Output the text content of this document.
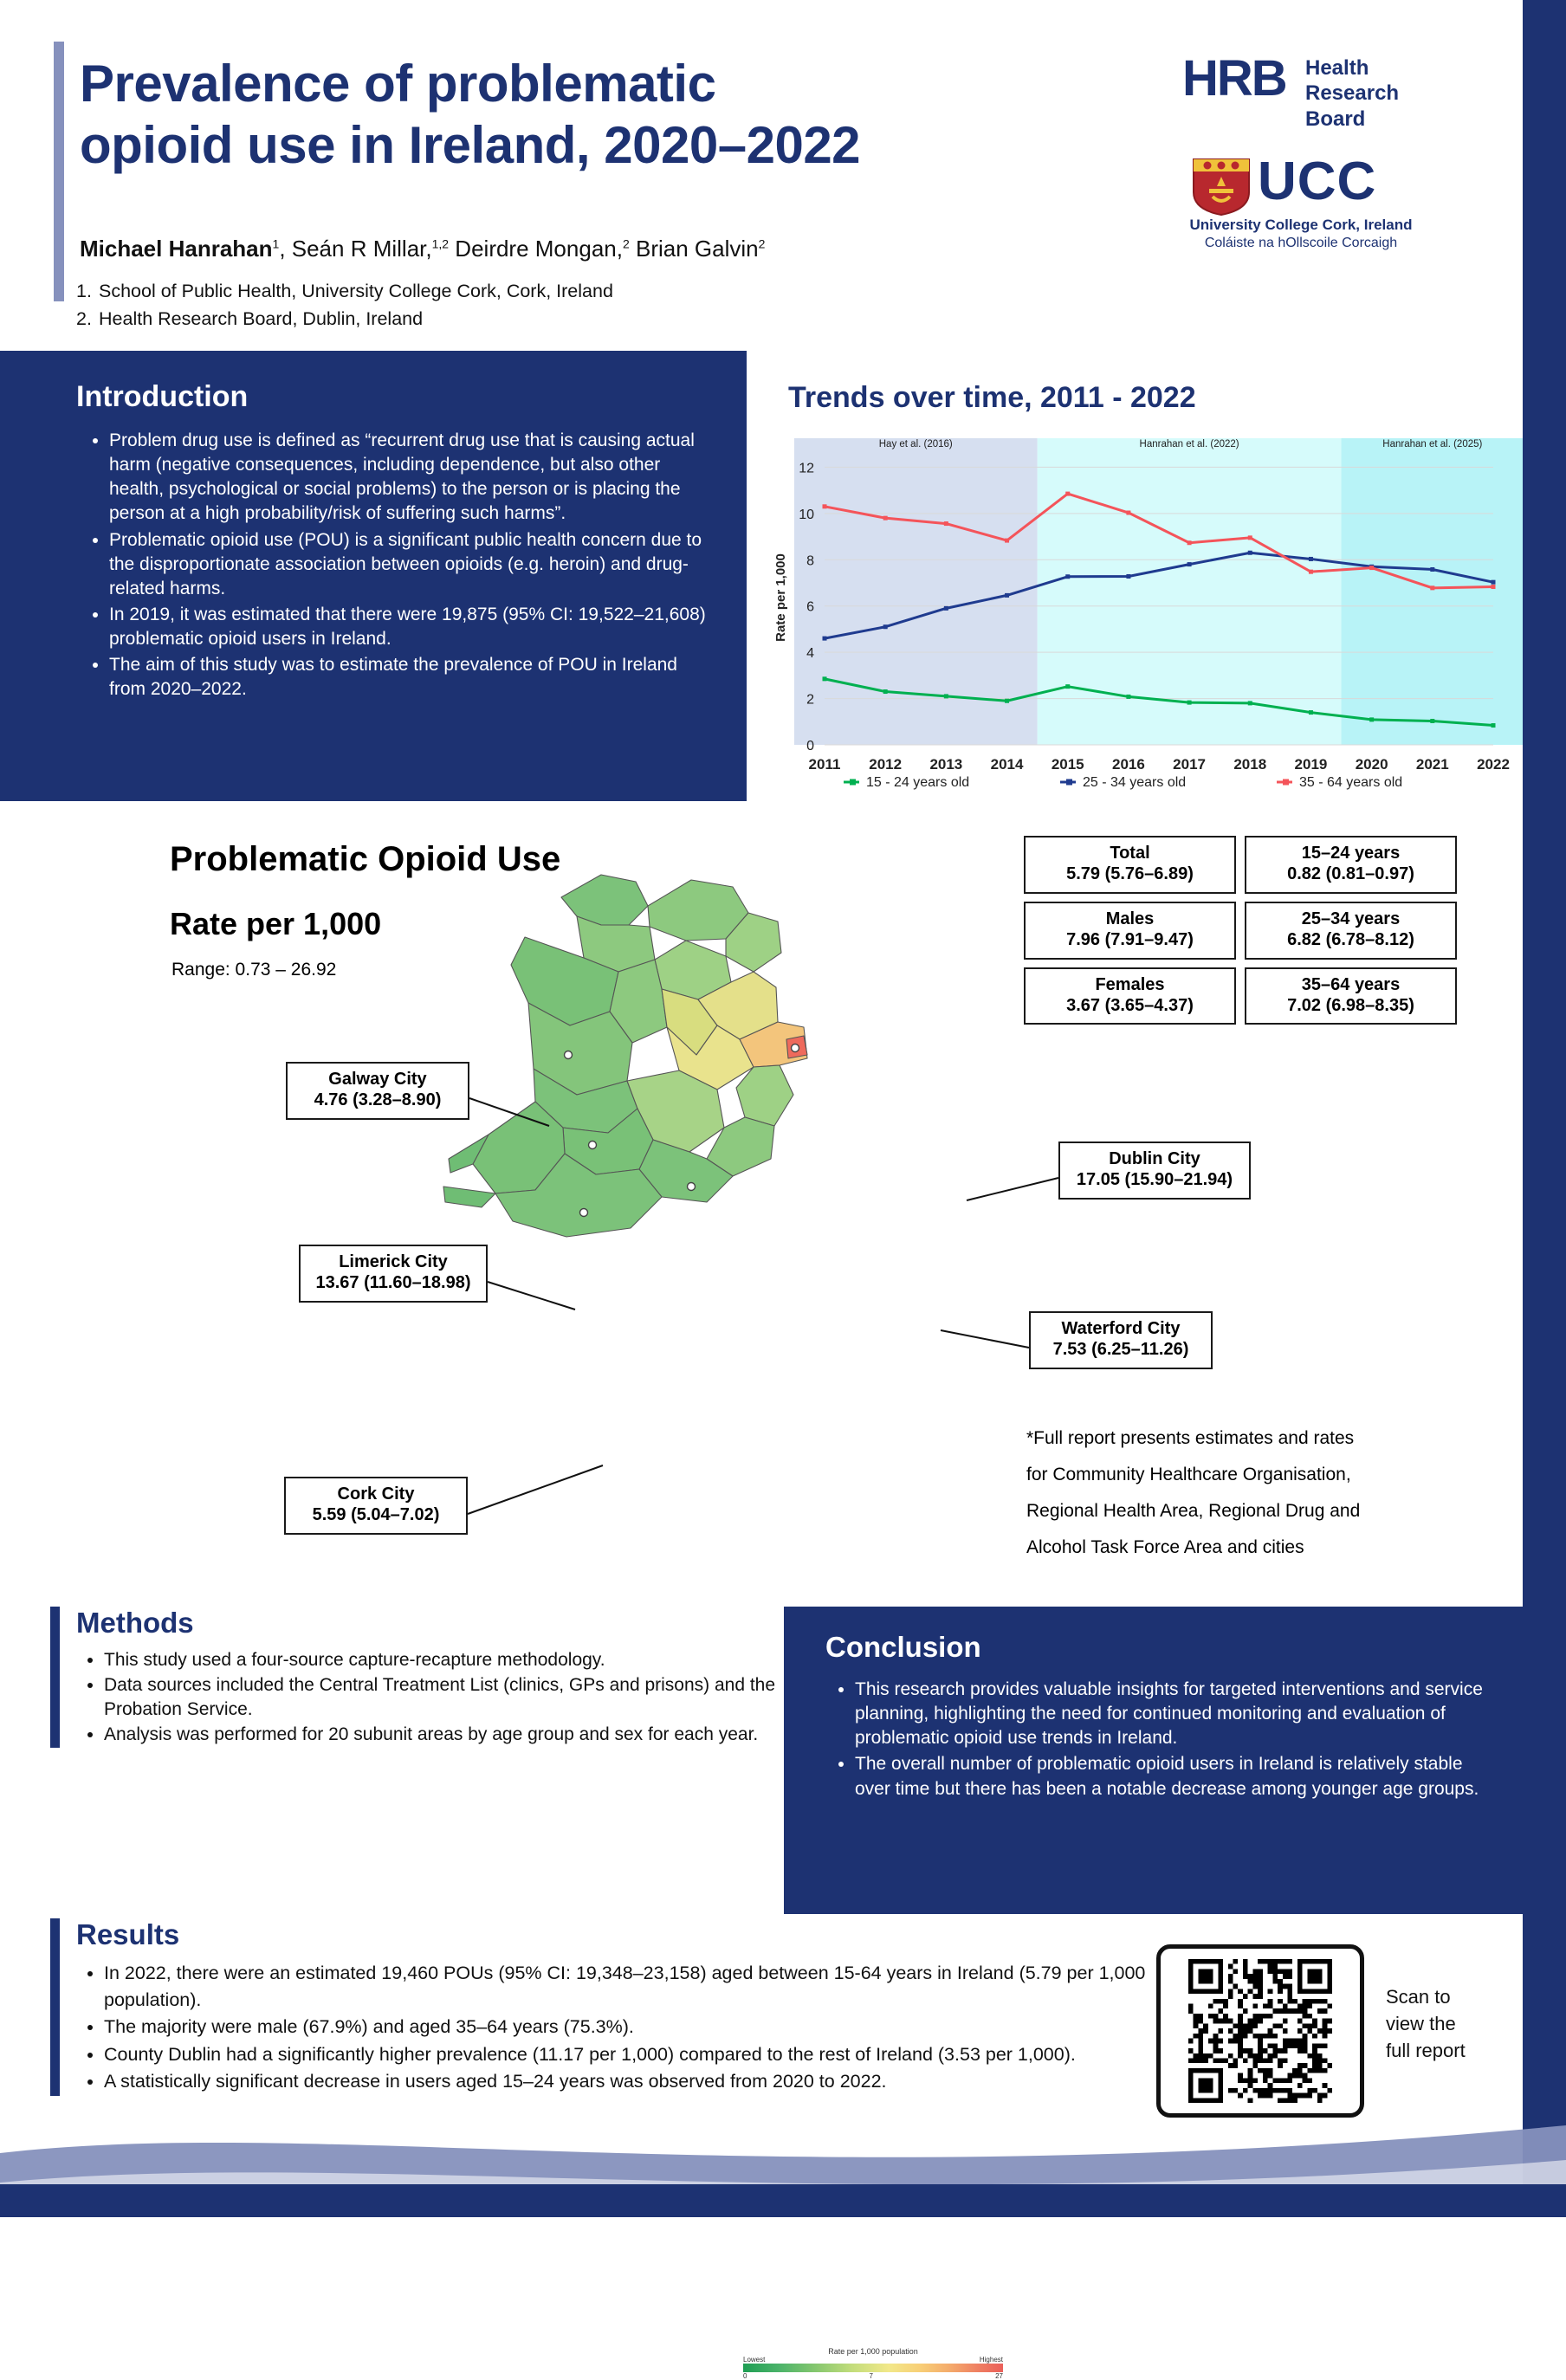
Prevalence of problematic
opioid use in Ireland, 2020–2022
Michael Hanrahan$^1$, Seán R Millar,$^{1,2}$ Deirdre Mongan,$^2$ Brian Galvin$^2$
1. School of Public Health, University College Cork, Cork, Ireland
2. Health Research Board, Dublin, Ireland
HRB Health
Research
Board
UCC
University College Cork, Ireland
Coláiste na hOllscoile Corcaigh
Introduction
• Problem drug use is defined as “recurrent drug use that is causing actual harm (negative consequences, including dependence, but also other health, psychological or social problems) to the person or is placing the person at a high probability/risk of suffering such harms”.
• Problematic opioid use (POU) is a significant public health concern due to the disproportionate association between opioids (e.g. heroin) and drug-related harms.
• In 2019, it was estimated that there were 19,875 (95% CI: 19,522–21,608) problematic opioid users in Ireland.
• The aim of this study was to estimate the prevalence of POU in Ireland from 2020–2022.
Trends over time, 2011 - 2022
0
2
4
6
8
10
12
2011 2012 2013 2014 2015 2016 2017 2018 2019 2020 2021 2022
Hay et al. (2016)	Hanrahan et al. (2022)	Hanrahan et al. (2025)
Rate per 1,000
15 - 24 years old	25 - 34 years old	35 - 64 years old
Problematic Opioid Use
Rate per 1,000
Range: 0.73 – 26.92
Rate per 1,000 population
Lowest	Highest
0	7	27
Galway City
4.76 (3.28–8.90)
Dublin City
17.05 (15.90–21.94)
Limerick City
13.67 (11.60–18.98)
Waterford City
7.53 (6.25–11.26)
Cork City
5.59 (5.04–7.02)
Total
5.79 (5.76–6.89)
15–24 years
0.82 (0.81–0.97)
Males
7.96 (7.91–9.47)
25–34 years
6.82 (6.78–8.12)
Females
3.67 (3.65–4.37)
35–64 years
7.02 (6.98–8.35)
*Full report presents estimates and rates
for Community Healthcare Organisation,
Regional Health Area, Regional Drug and
Alcohol Task Force Area and cities
Methods
• This study used a four-source capture-recapture methodology.
• Data sources included the Central Treatment List (clinics, GPs and prisons) and the Probation Service.
• Analysis was performed for 20 subunit areas by age group and sex for each year.
Conclusion
• This research provides valuable insights for targeted interventions and service planning, highlighting the need for continued monitoring and evaluation of problematic opioid use trends in Ireland.
• The overall number of problematic opioid users in Ireland is relatively stable over time but there has been a notable decrease among younger age groups.
Results
• In 2022, there were an estimated 19,460 POUs (95% CI: 19,348–23,158) aged between 15-64 years in Ireland (5.79 per 1,000 population).
• The majority were male (67.9%) and aged 35–64 years (75.3%).
• County Dublin had a significantly higher prevalence (11.17 per 1,000) compared to the rest of Ireland (3.53 per 1,000).
• A statistically significant decrease in users aged 15–24 years was observed from 2020 to 2022.
Scan to
view the
full report
